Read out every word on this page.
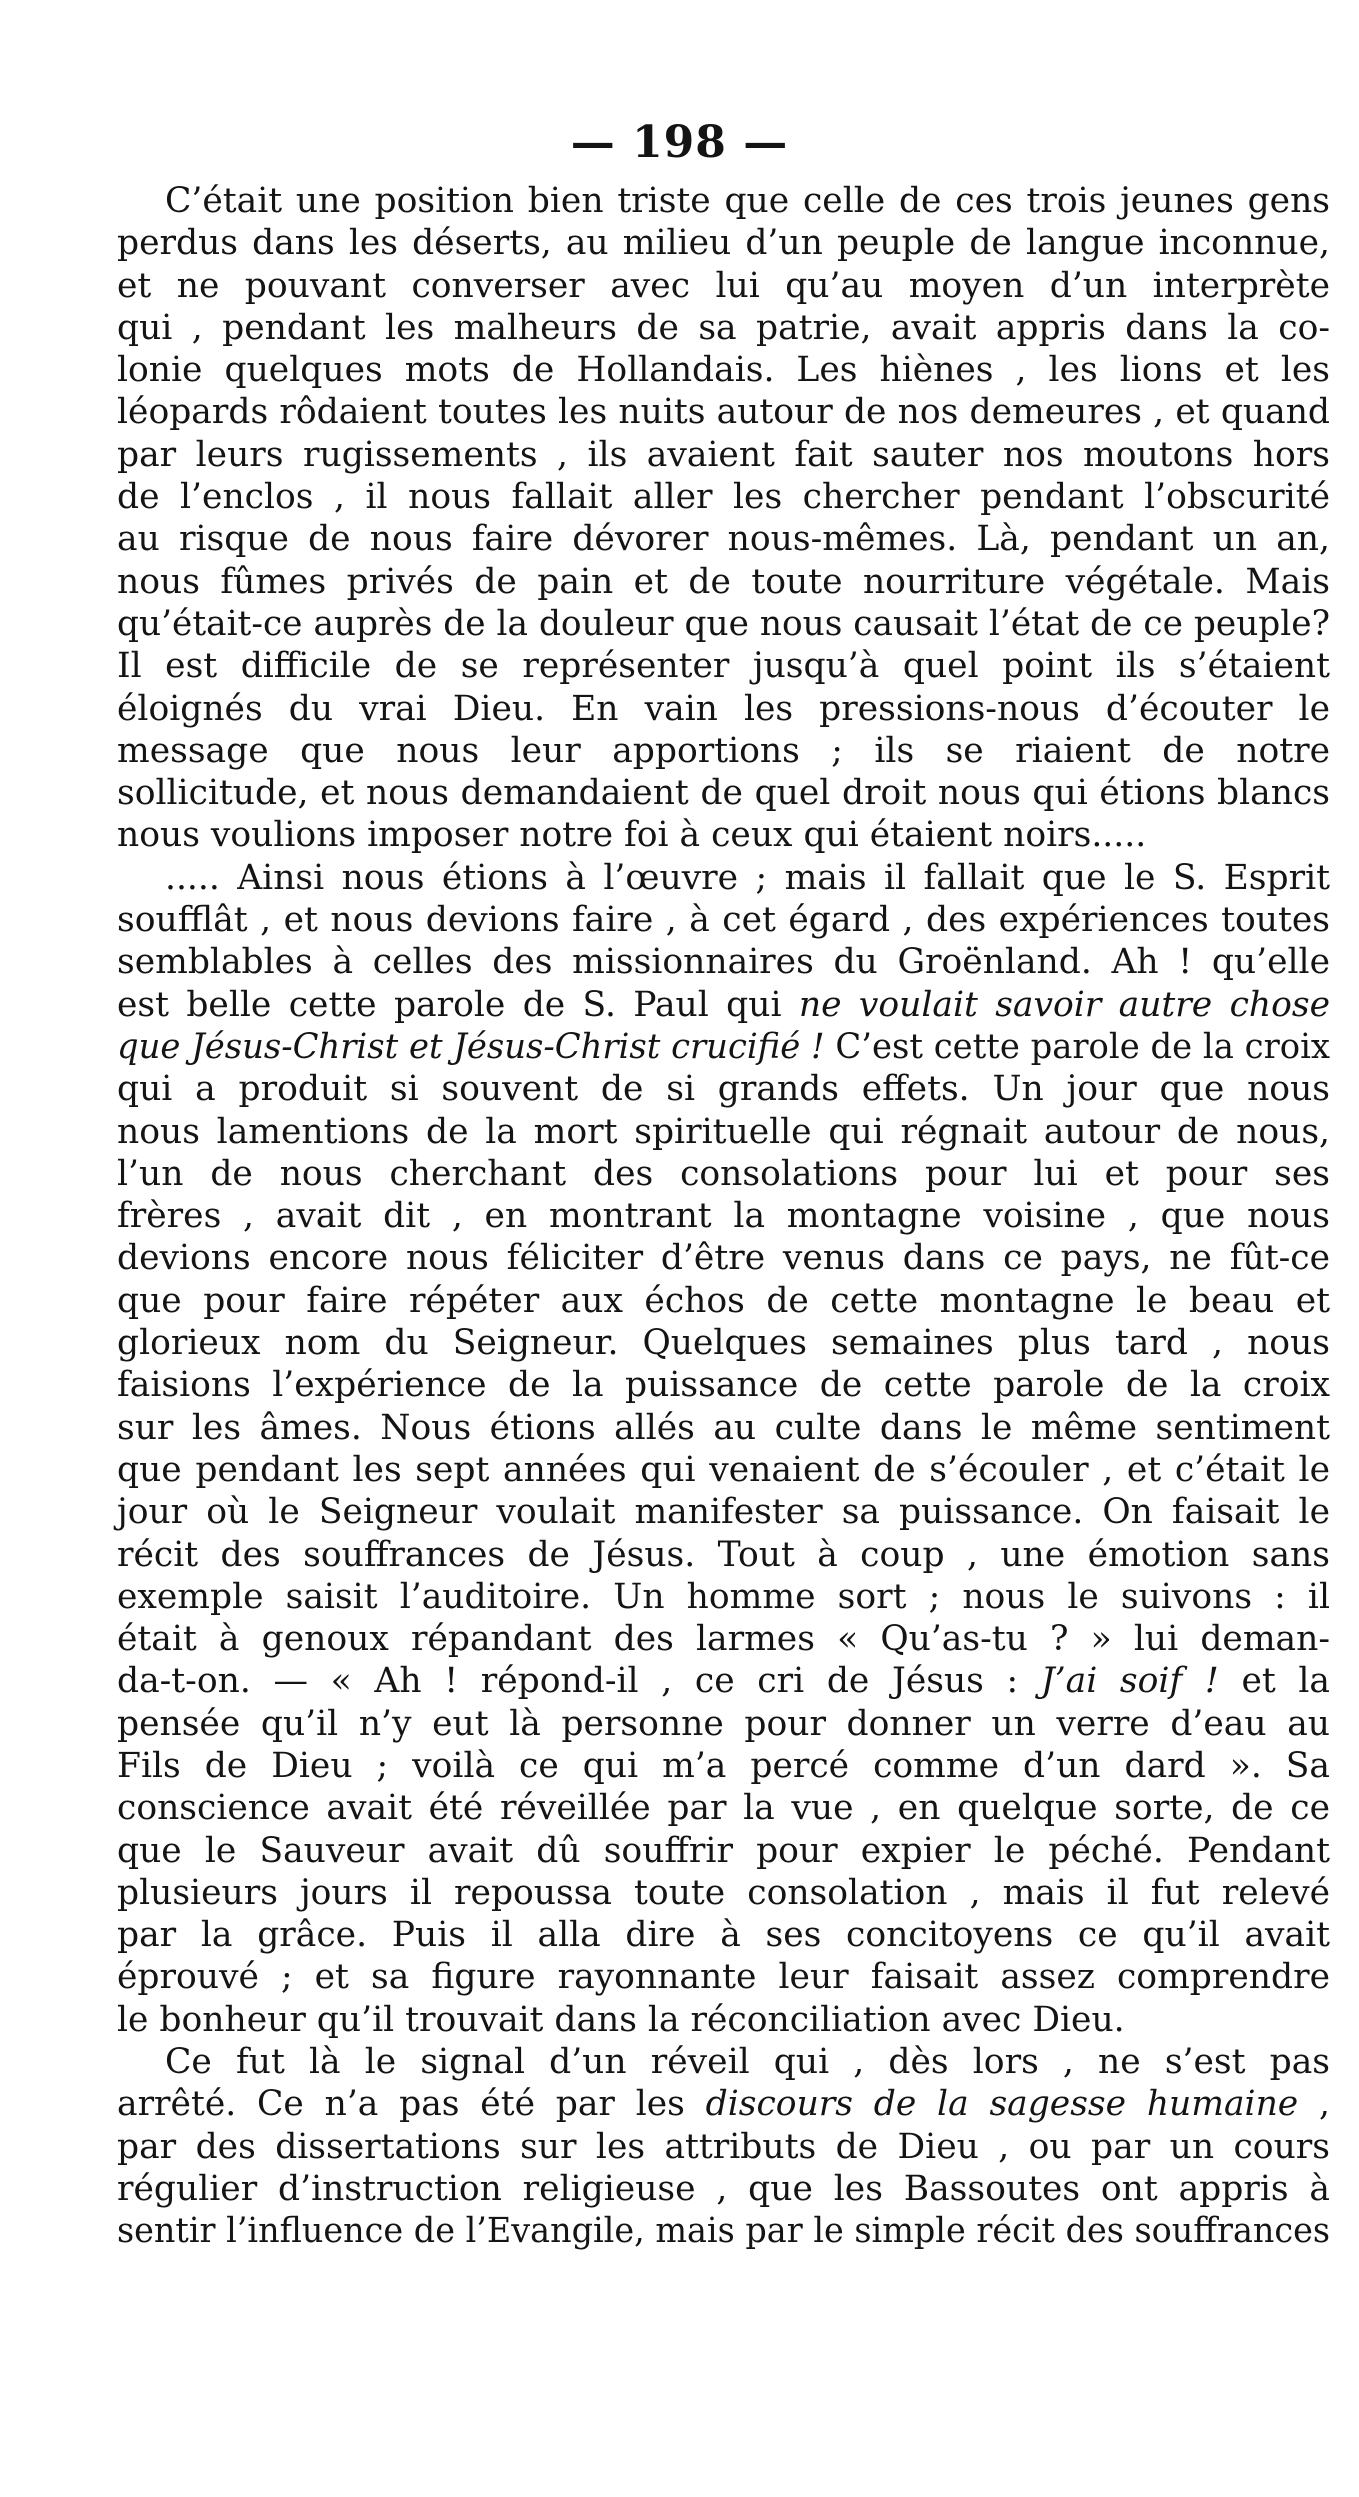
— 198 —
C’était une position bien triste que celle de ces trois jeunes gens
perdus dans les déserts, au milieu d’un peuple de langue inconnue,
et ne pouvant converser avec lui qu’au moyen d’un interprète
qui , pendant les malheurs de sa patrie, avait appris dans la co-
lonie quelques mots de Hollandais. Les hiènes , les lions et les
léopards rôdaient toutes les nuits autour de nos demeures , et quand
par leurs rugissements , ils avaient fait sauter nos moutons hors
de l’enclos , il nous fallait aller les chercher pendant l’obscurité
au risque de nous faire dévorer nous-mêmes. Là, pendant un an,
nous fûmes privés de pain et de toute nourriture végétale. Mais
qu’était-ce auprès de la douleur que nous causait l’état de ce peuple?
Il est difficile de se représenter jusqu’à quel point ils s’étaient
éloignés du vrai Dieu. En vain les pressions-nous d’écouter le
message que nous leur apportions ; ils se riaient de notre
sollicitude, et nous demandaient de quel droit nous qui étions blancs
nous voulions imposer notre foi à ceux qui étaient noirs.....
..... Ainsi nous étions à l’œuvre ; mais il fallait que le S. Esprit
soufflât , et nous devions faire , à cet égard , des expériences toutes
semblables à celles des missionnaires du Groënland. Ah ! qu’elle
est belle cette parole de S. Paul qui ne voulait savoir autre chose
que Jésus-Christ et Jésus-Christ crucifié ! C’est cette parole de la croix
qui a produit si souvent de si grands effets. Un jour que nous
nous lamentions de la mort spirituelle qui régnait autour de nous,
l’un de nous cherchant des consolations pour lui et pour ses
frères , avait dit , en montrant la montagne voisine , que nous
devions encore nous féliciter d’être venus dans ce pays, ne fût-ce
que pour faire répéter aux échos de cette montagne le beau et
glorieux nom du Seigneur. Quelques semaines plus tard , nous
faisions l’expérience de la puissance de cette parole de la croix
sur les âmes. Nous étions allés au culte dans le même sentiment
que pendant les sept années qui venaient de s’écouler , et c’était le
jour où le Seigneur voulait manifester sa puissance. On faisait le
récit des souffrances de Jésus. Tout à coup , une émotion sans
exemple saisit l’auditoire. Un homme sort ; nous le suivons : il
était à genoux répandant des larmes « Qu’as-tu ? » lui deman-
da-t-on. — « Ah ! répond-il , ce cri de Jésus : J’ai soif ! et la
pensée qu’il n’y eut là personne pour donner un verre d’eau au
Fils de Dieu ; voilà ce qui m’a percé comme d’un dard ». Sa
conscience avait été réveillée par la vue , en quelque sorte, de ce
que le Sauveur avait dû souffrir pour expier le péché. Pendant
plusieurs jours il repoussa toute consolation , mais il fut relevé
par la grâce. Puis il alla dire à ses concitoyens ce qu’il avait
éprouvé ; et sa figure rayonnante leur faisait assez comprendre
le bonheur qu’il trouvait dans la réconciliation avec Dieu.
Ce fut là le signal d’un réveil qui , dès lors , ne s’est pas
arrêté. Ce n’a pas été par les discours de la sagesse humaine ,
par des dissertations sur les attributs de Dieu , ou par un cours
régulier d’instruction religieuse , que les Bassoutes ont appris à
sentir l’influence de l’Evangile, mais par le simple récit des souffrances
